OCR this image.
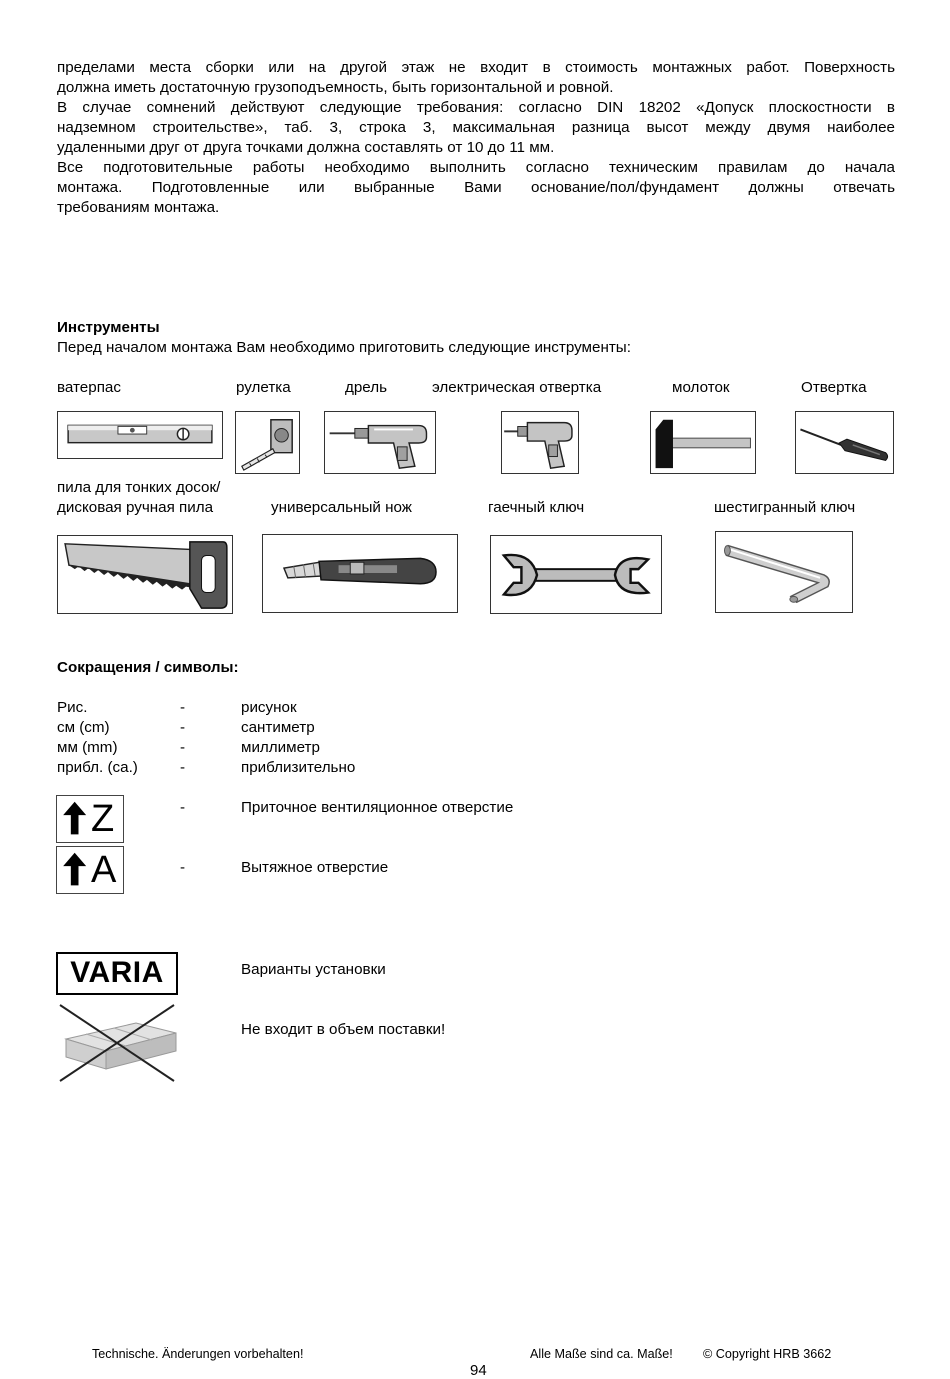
пределами места сборки или на другой этаж не входит в стоимость монтажных работ. Поверхность
должна иметь достаточную грузоподъемность, быть горизонтальной и ровной.
В случае сомнений действуют следующие требования: согласно DIN 18202 «Допуск плоскостности в
надземном строительстве», таб. 3, строка 3, максимальная разница высот между двумя наиболее
удаленными друг от друга точками должна составлять от 10 до 11 мм.
Все подготовительные работы необходимо выполнить согласно техническим правилам до начала
монтажа. Подготовленные или выбранные Вами основание/пол/фундамент должны отвечать
требованиям монтажа.
Инструменты
Перед началом монтажа Вам необходимо приготовить следующие инструменты:
ватерпас	рулетка	дрель	электрическая отвертка	молоток	Отвертка
пила для тонких досок/
дисковая ручная пила	универсальный нож	гаечный ключ	шестигранный ключ
Сокращения / символы:
Рис.	-	рисунок
см (cm)	-	сантиметр
мм (mm)	-	миллиметр
прибл. (ca.)	-	приблизительно
Z	-	Приточное вентиляционное отверстие
A	-	Вытяжное отверстие
VARIA	Варианты установки
Не входит в объем поставки!
Technische. Änderungen vorbehalten!	Alle Maße sind ca. Maße! © Copyright HRB 3662
94
